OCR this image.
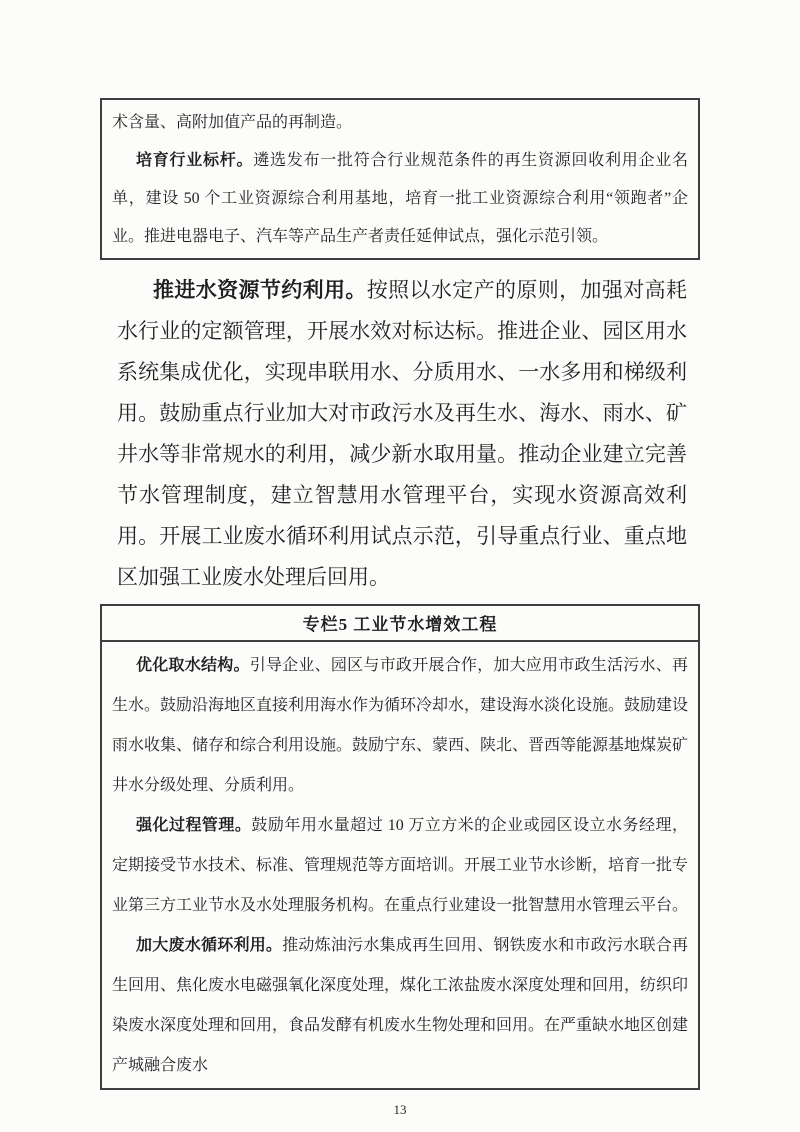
术含量、高附加值产品的再制造。

培育行业标杆。遴选发布一批符合行业规范条件的再生资源回收利用企业名单，建设 50 个工业资源综合利用基地，培育一批工业资源综合利用“领跑者”企业。推进电器电子、汽车等产品生产者责任延伸试点，强化示范引领。

推进水资源节约利用。按照以水定产的原则，加强对高耗水行业的定额管理，开展水效对标达标。推进企业、园区用水系统集成优化，实现串联用水、分质用水、一水多用和梯级利用。鼓励重点行业加大对市政污水及再生水、海水、雨水、矿井水等非常规水的利用，减少新水取用量。推动企业建立完善节水管理制度，建立智慧用水管理平台，实现水资源高效利用。开展工业废水循环利用试点示范，引导重点行业、重点地区加强工业废水处理后回用。
专栏5 工业节水增效工程

优化取水结构。引导企业、园区与市政开展合作，加大应用市政生活污水、再生水。鼓励沿海地区直接利用海水作为循环冷却水，建设海水淡化设施。鼓励建设雨水收集、储存和综合利用设施。鼓励宁东、蒙西、陕北、晋西等能源基地煤炭矿井水分级处理、分质利用。

强化过程管理。鼓励年用水量超过 10 万立方米的企业或园区设立水务经理，定期接受节水技术、标准、管理规范等方面培训。开展工业节水诊断，培育一批专业第三方工业节水及水处理服务机构。在重点行业建设一批智慧用水管理云平台。

加大废水循环利用。推动炼油污水集成再生回用、钢铁废水和市政污水联合再生回用、焦化废水电磁强氧化深度处理，煤化工浓盐废水深度处理和回用，纺织印染废水深度处理和回用，食品发酵有机废水生物处理和回用。在严重缺水地区创建产城融合废水

13
